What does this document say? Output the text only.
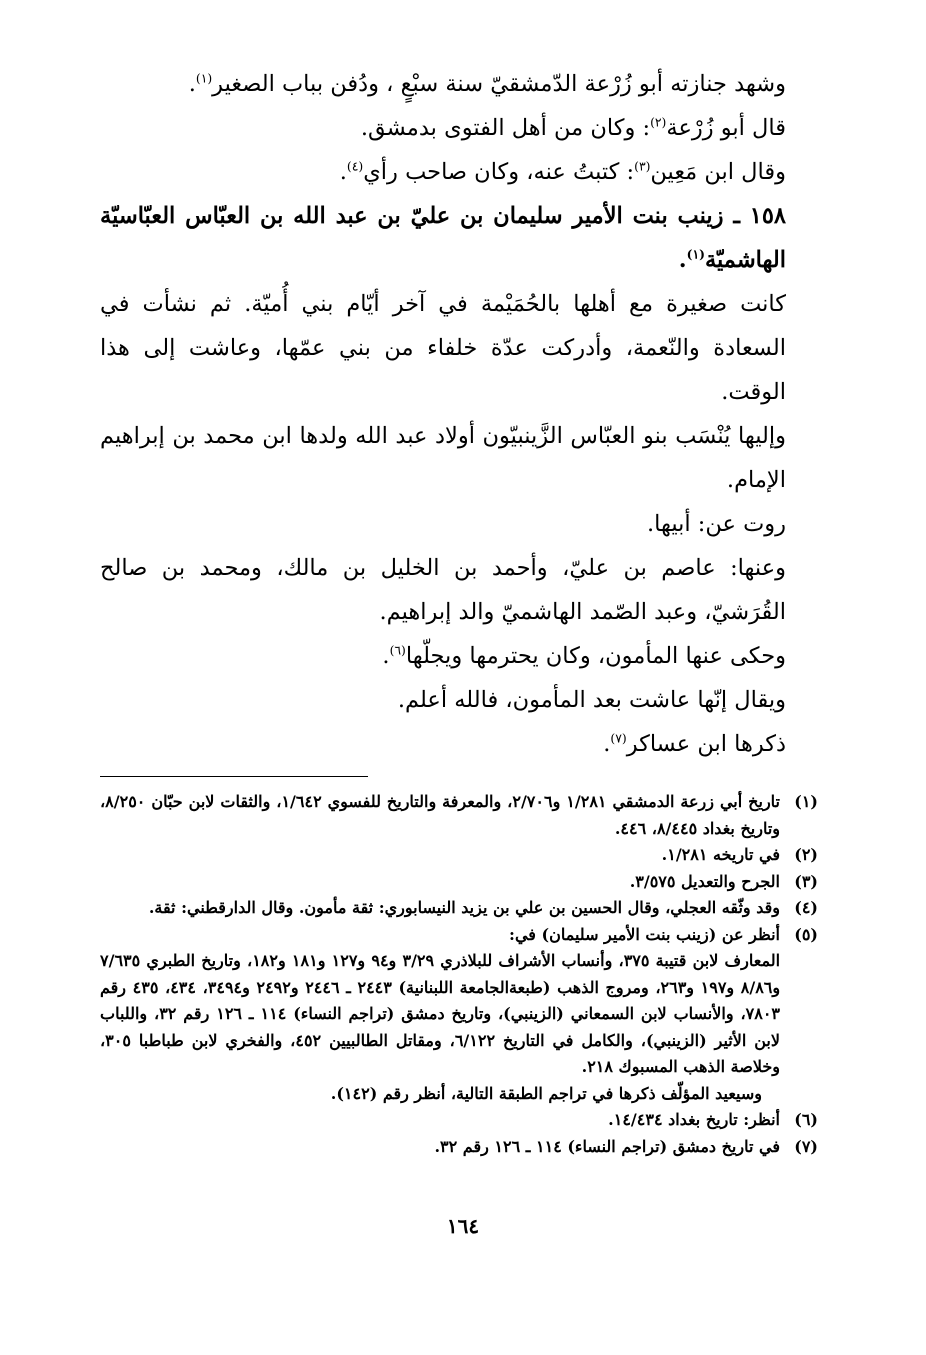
وشهد جنازته أبو زُرْعة الدّمشقيّ سنة سبْعٍ ، ودُفن بباب الصغير$^{(١)}$.

قال أبو زُرْعة$^{(٢)}$: وكان من أهل الفتوى بدمشق.

وقال ابن مَعِين$^{(٣)}$: كتبتُ عنه، وكان صاحب رأي$^{(٤)}$.

١٥٨ ـ زينب بنت الأمير سليمان بن عليّ بن عبد الله بن العبّاس العبّاسيّة الهاشميّة$^{(١)}$.

كانت صغيرة مع أهلها بالحُمَيْمة في آخر أيّام بني أُميّة. ثم نشأت في السعادة والنّعمة، وأدركت عدّة خلفاء من بني عمّها، وعاشت إلى هذا الوقت.

وإليها يُنْسَب بنو العبّاس الزَّينبيّون أولاد عبد الله ولدها ابن محمد بن إبراهيم الإمام.

روت عن: أبيها.

وعنها: عاصم بن عليّ، وأحمد بن الخليل بن مالك، ومحمد بن صالح القُرَشيّ، وعبد الصّمد الهاشميّ والد إبراهيم.

وحكى عنها المأمون، وكان يحترمها ويجلّها$^{(٦)}$.

ويقال إنّها عاشت بعد المأمون، فالله أعلم.

ذكرها ابن عساكر$^{(٧)}$.

(١)
تاريخ أبي زرعة الدمشقي ١/٢٨١ و٢/٧٠٦، والمعرفة والتاريخ للفسوي ١/٦٤٢، والثقات لابن حبّان ٨/٢٥٠، وتاريخ بغداد ٨/٤٤٥، ٤٤٦.
(٢)
في تاريخه ١/٢٨١.
(٣)
الجرح والتعديل ٣/٥٧٥.
(٤)
وقد وثّقه العجلي، وقال الحسين بن علي بن يزيد النيسابوري: ثقة مأمون. وقال الدارقطني: ثقة.
(٥)
أنظر عن (زينب بنت الأمير سليمان) في:
المعارف لابن قتيبة ٣٧٥، وأنساب الأشراف للبلاذري ٣/٢٩ و٩٤ و١٢٧ و١٨١ و١٨٢، وتاريخ الطبري ٧/٦٣٥ و٨/٨٦ و١٩٧ و٢٦٣، ومروج الذهب (طبعةالجامعة اللبنانية) ٢٤٤٣ ـ ٢٤٤٦ و٢٤٩٢ و٣٤٩٤، ٤٣٤، ٤٣٥ رقم ٧٨٠٣، والأنساب لابن السمعاني (الزينبي)، وتاريخ دمشق (تراجم النساء) ١١٤ ـ ١٢٦ رقم ٣٢، واللباب لابن الأثير (الزينبي)، والكامل في التاريخ ٦/١٢٢، ومقاتل الطالبيين ٤٥٢، والفخري لابن طباطبا ٣٠٥، وخلاصة الذهب المسبوك ٢١٨.
وسيعيد المؤلّف ذكرها في تراجم الطبقة التالية، أنظر رقم (١٤٢).
(٦)
أنظر: تاريخ بغداد ١٤/٤٣٤.
(٧)
في تاريخ دمشق (تراجم النساء) ١١٤ ـ ١٢٦ رقم ٣٢.
١٦٤
